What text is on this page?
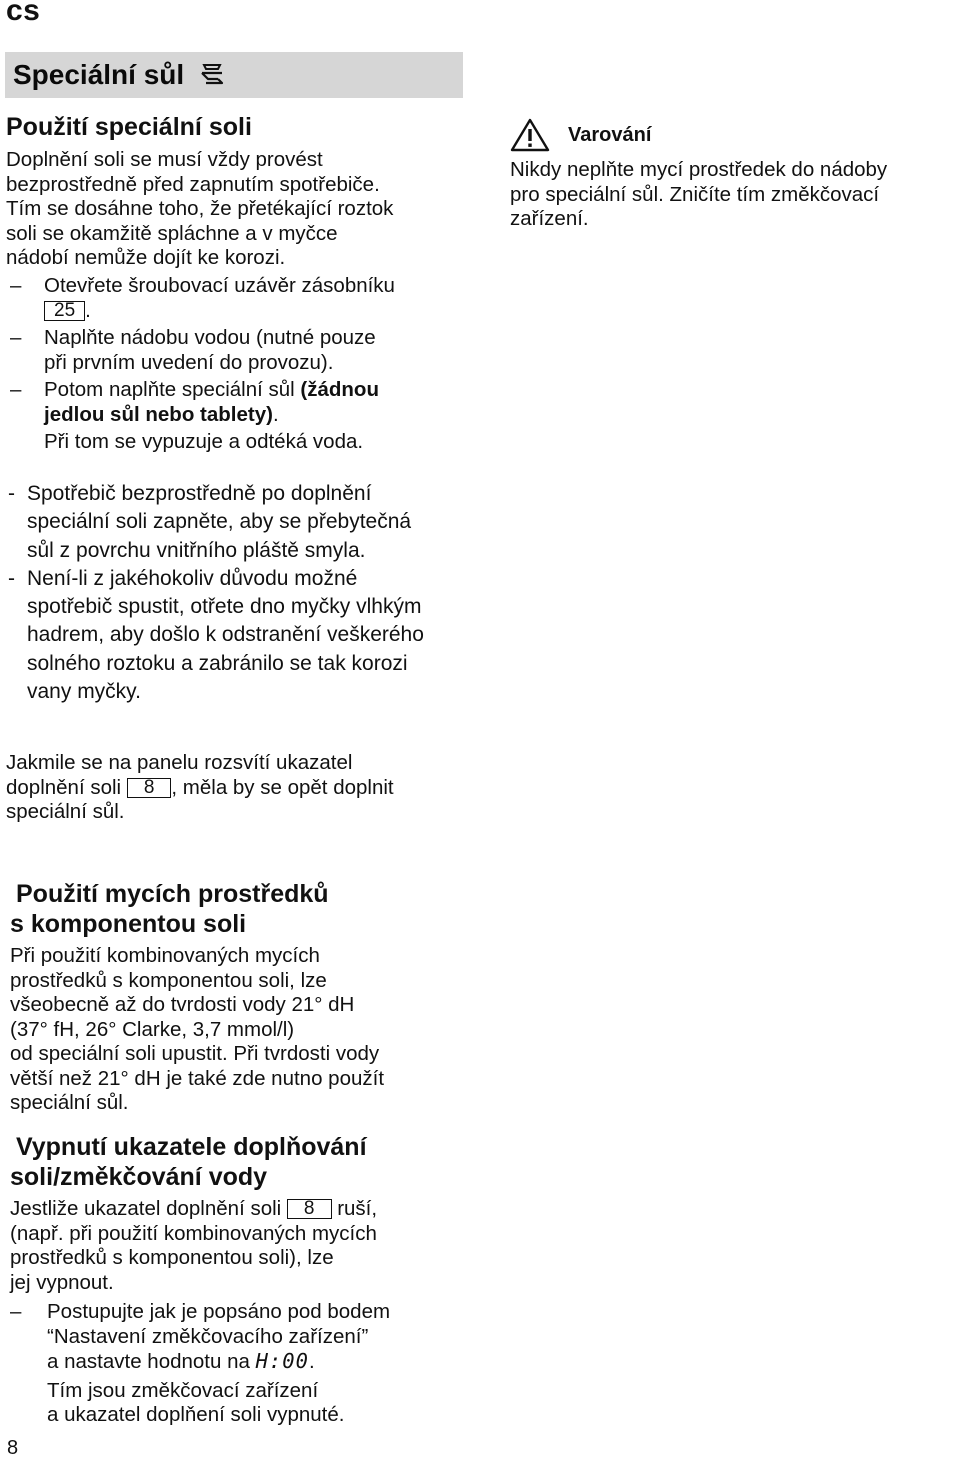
cs
Speciální sůl
Použití speciální soli

Doplnění soli se musí vždy provést

bezprostředně před zapnutím spotřebiče.

Tím se dosáhne toho, že přetékající roztok

soli se okamžitě spláchne a v myčce

nádobí nemůže dojít ke korozi.

– Otevřete šroubovací uzávěr zásobníku
25 .
– Naplňte nádobu vodou (nutné pouze
při prvním uvedení do provozu).
– Potom naplňte speciální sůl (žádnou
jedlou sůl nebo tablety).
Při tom se vypuzuje a odtéká voda.
- Spotřebič bezprostředně po doplnění
speciální soli zapněte, aby se přebytečná
sůl z povrchu vnitřního pláště smyla.
- Není-li z jakéhokoliv důvodu možné
spotřebič spustit, otřete dno myčky vlhkým
hadrem, aby došlo k odstranění veškerého
solného roztoku a zabránilo se tak korozi
vany myčky.

Jakmile se na panelu rozsvítí ukazatel

doplnění soli 8 , měla by se opět doplnit

speciální sůl.

Varování

Nikdy neplňte mycí prostředek do nádoby

pro speciální sůl. Zničíte tím změkčovací

zařízení.

Použití mycích prostředků
s komponentou soli

Při použití kombinovaných mycích

prostředků s komponentou soli, lze

všeobecně až do tvrdosti vody 21° dH

(37° fH, 26° Clarke, 3,7 mmol/l)

od speciální soli upustit. Při tvrdosti vody

větší než 21° dH je také zde nutno použít

speciální sůl.

Vypnutí ukazatele doplňování
soli/změkčování vody

Jestliže ukazatel doplnění soli 8 ruší,

(např. při použití kombinovaných mycích

prostředků s komponentou soli), lze

jej vypnout.

– Postupujte jak je popsáno pod bodem
“Nastavení změkčovacího zařízení”
a nastavte hodnotu na H:00.
Tím jsou změkčovací zařízení
a ukazatel doplňení soli vypnuté.
8
